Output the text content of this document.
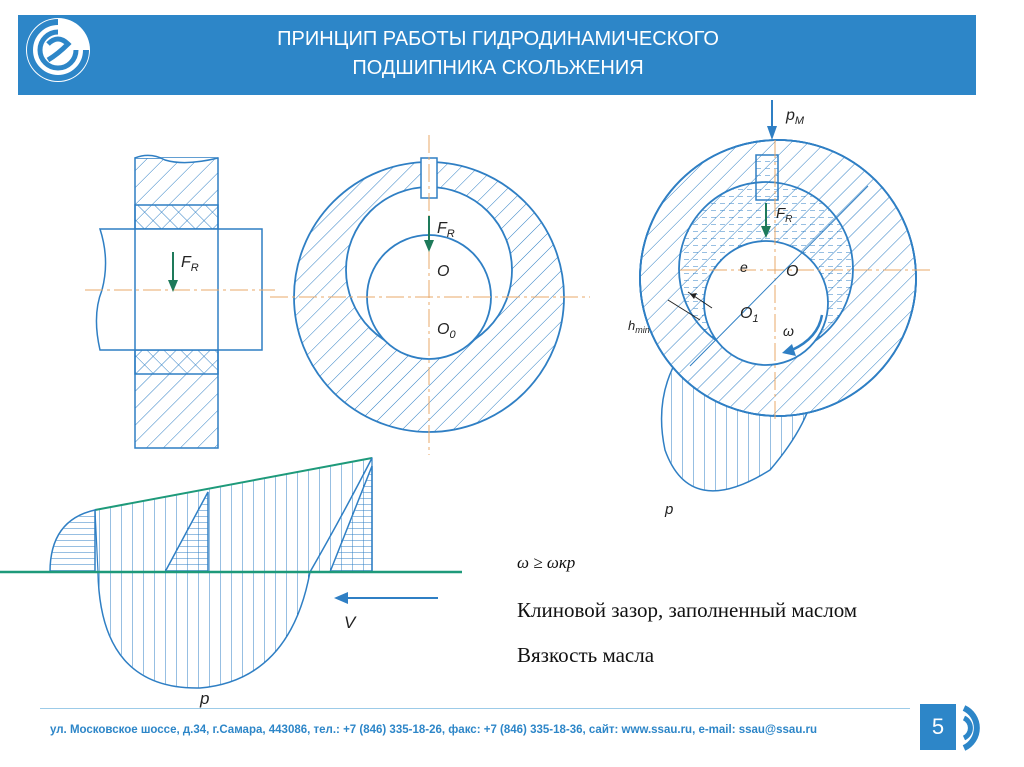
ПРИНЦИП РАБОТЫ ГИДРОДИНАМИЧЕСКОГО
ПОДШИПНИКА СКОЛЬЖЕНИЯ
$F_R$
$F_R$
O
$O_0$
$p_M$
$F_R$
O
e
$O_1$
ω
$h_{min}$
p
V
p
ω ≥ ωкр
Клиновой зазор, заполненный маслом
Вязкость масла
ул. Московское шоссе, д.34, г.Самара, 443086, тел.: +7 (846) 335-18-26, факс: +7 (846) 335-18-36, сайт: www.ssau.ru, e-mail: ssau@ssau.ru	5
